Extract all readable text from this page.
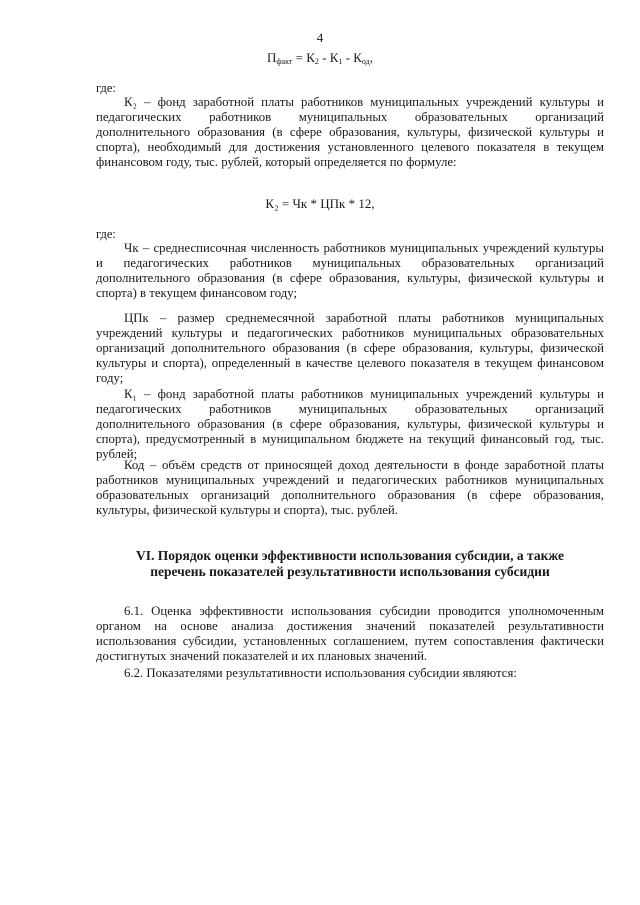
4
$П_{факт} = К_2 - К_1 - К_{од}$,
где:
К₂ – фонд заработной платы работников муниципальных учреждений культуры и педагогических работников муниципальных образовательных организаций дополнительного образования (в сфере образования, культуры, физической культуры и спорта), необходимый для достижения установленного целевого показателя в текущем финансовом году, тыс. рублей, который определяется по формуле:
К₂ = Чк * ЦПк * 12,
где:
Чк – среднесписочная численность работников муниципальных учреждений культуры и педагогических работников муниципальных образовательных организаций дополнительного образования (в сфере образования, культуры, физической культуры и спорта) в текущем финансовом году;
ЦПк – размер среднемесячной заработной платы работников муниципальных учреждений культуры и педагогических работников муниципальных образовательных организаций дополнительного образования (в сфере образования, культуры, физической культуры и спорта), определенный в качестве целевого показателя в текущем финансовом году;
К₁ – фонд заработной платы работников муниципальных учреждений культуры и педагогических работников муниципальных образовательных организаций дополнительного образования (в сфере образования, культуры, физической культуры и спорта), предусмотренный в муниципальном бюджете на текущий финансовый год, тыс. рублей;
Код – объём средств от приносящей доход деятельности в фонде заработной платы работников муниципальных учреждений и педагогических работников муниципальных образовательных организаций дополнительного образования (в сфере образования, культуры, физической культуры и спорта), тыс. рублей.
VI. Порядок оценки эффективности использования субсидии, а также перечень показателей результативности использования субсидии
6.1. Оценка эффективности использования субсидии проводится уполномоченным органом на основе анализа достижения значений показателей результативности использования субсидии, установленных соглашением, путем сопоставления фактически достигнутых значений показателей и их плановых значений.
6.2. Показателями результативности использования субсидии являются:
